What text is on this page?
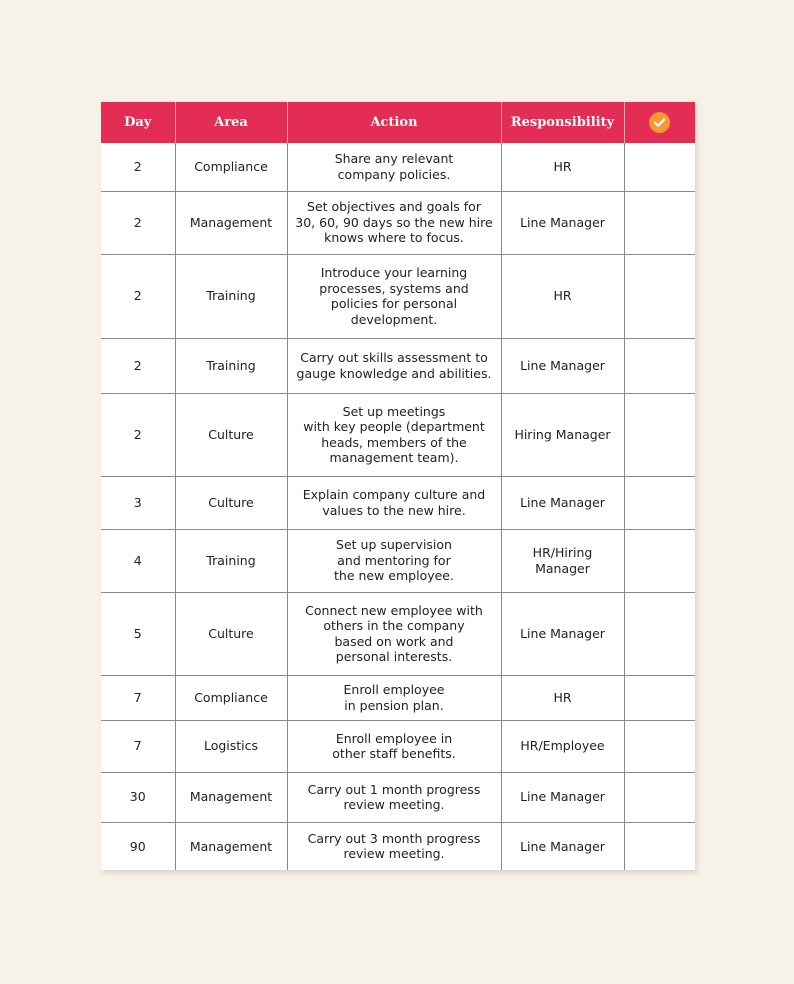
Day	Area	Action	Responsibility	

2	Compliance	Share any relevant
company policies.	HR	
2	Management	Set objectives and goals for
30, 60, 90 days so the new hire
knows where to focus.	Line Manager	
2	Training	Introduce your learning
processes, systems and
policies for personal
development.	HR	
2	Training	Carry out skills assessment to
gauge knowledge and abilities.	Line Manager	
2	Culture	Set up meetings
with key people (department
heads, members of the
management team).	Hiring Manager	
3	Culture	Explain company culture and
values to the new hire.	Line Manager	
4	Training	Set up supervision
and mentoring for
the new employee.	HR/Hiring
Manager	
5	Culture	Connect new employee with
others in the company
based on work and
personal interests.	Line Manager	
7	Compliance	Enroll employee
in pension plan.	HR	
7	Logistics	Enroll employee in
other staff benefits.	HR/Employee	
30	Management	Carry out 1 month progress
review meeting.	Line Manager	
90	Management	Carry out 3 month progress
review meeting.	Line Manager	
